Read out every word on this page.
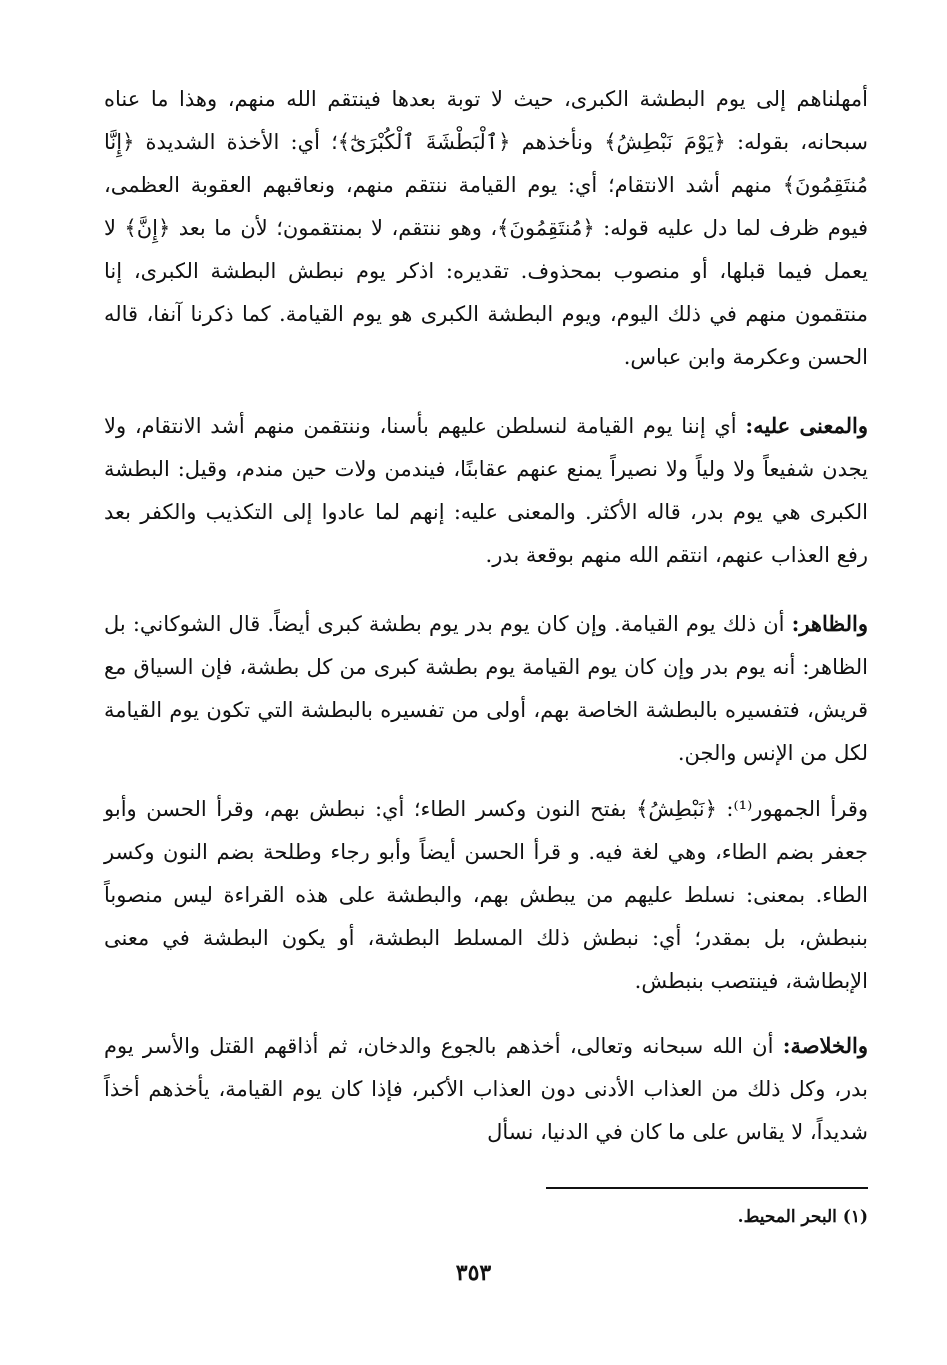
أمهلناهم إلى يوم البطشة الكبرى، حيث لا توبة بعدها فينتقم الله منهم، وهذا ما عناه سبحانه، بقوله: ﴿يَوْمَ نَبْطِشُ﴾ ونأخذهم ﴿ٱلْبَطْشَةَ ٱلْكُبْرَىٰٓ﴾؛ أي: الأخذة الشديدة ﴿إِنَّا مُنتَقِمُونَ﴾ منهم أشد الانتقام؛ أي: يوم القيامة ننتقم منهم، ونعاقبهم العقوبة العظمى، فيوم ظرف لما دل عليه قوله: ﴿مُنتَقِمُونَ﴾، وهو ننتقم، لا بمنتقمون؛ لأن ما بعد ﴿إِنَّ﴾ لا يعمل فيما قبلها، أو منصوب بمحذوف. تقديره: اذكر يوم نبطش البطشة الكبرى، إنا منتقمون منهم في ذلك اليوم، ويوم البطشة الكبرى هو يوم القيامة. كما ذكرنا آنفا، قاله الحسن وعكرمة وابن عباس.

والمعنى عليه: أي إننا يوم القيامة لنسلطن عليهم بأسنا، وننتقمن منهم أشد الانتقام، ولا يجدن شفيعاً ولا ولياً ولا نصيراً يمنع عنهم عقابنًا، فيندمن ولات حين مندم، وقيل: البطشة الكبرى هي يوم بدر، قاله الأكثر. والمعنى عليه: إنهم لما عادوا إلى التكذيب والكفر بعد رفع العذاب عنهم، انتقم الله منهم بوقعة بدر.

والظاهر: أن ذلك يوم القيامة. وإن كان يوم بدر يوم بطشة كبرى أيضاً. قال الشوكاني: بل الظاهر: أنه يوم بدر وإن كان يوم القيامة يوم بطشة كبرى من كل بطشة، فإن السياق مع قريش، فتفسيره بالبطشة الخاصة بهم، أولى من تفسيره بالبطشة التي تكون يوم القيامة لكل من الإنس والجن.

وقرأ الجمهور⁽¹⁾: ﴿نَبْطِشُ﴾ بفتح النون وكسر الطاء؛ أي: نبطش بهم، وقرأ الحسن وأبو جعفر بضم الطاء، وهي لغة فيه. و قرأ الحسن أيضاً وأبو رجاء وطلحة بضم النون وكسر الطاء. بمعنى: نسلط عليهم من يبطش بهم، والبطشة على هذه القراءة ليس منصوباً بنبطش، بل بمقدر؛ أي: نبطش ذلك المسلط البطشة، أو يكون البطشة في معنى الإبطاشة، فينتصب بنبطش.

والخلاصة: أن الله سبحانه وتعالى، أخذهم بالجوع والدخان، ثم أذاقهم القتل والأسر يوم بدر، وكل ذلك من العذاب الأدنى دون العذاب الأكبر، فإذا كان يوم القيامة، يأخذهم أخذاً شديداً، لا يقاس على ما كان في الدنيا، نسأل

(١) البحر المحيط.
٣٥٣
